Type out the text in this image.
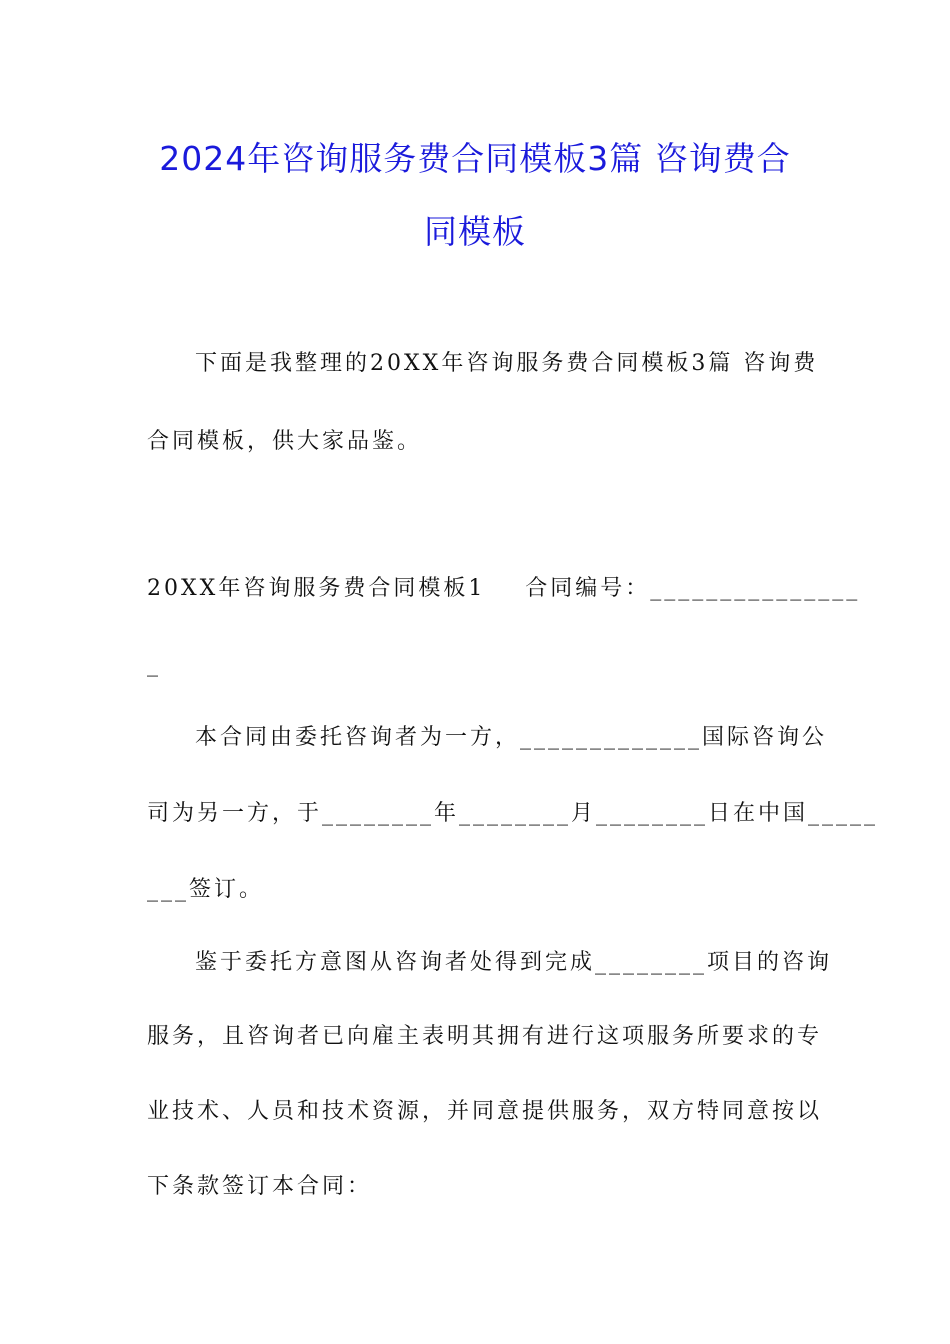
2024年咨询服务费合同模板3篇 咨询费合
同模板
下面是我整理的20XX年咨询服务费合同模板3篇 咨询费
合同模板，供大家品鉴。
20XX年咨询服务费合同模板1    合同编号：_______________
_
本合同由委托咨询者为一方，_____________国际咨询公
司为另一方，于________年________月________日在中国_____
___签订。
鉴于委托方意图从咨询者处得到完成________项目的咨询
服务，且咨询者已向雇主表明其拥有进行这项服务所要求的专
业技术、人员和技术资源，并同意提供服务，双方特同意按以
下条款签订本合同：
